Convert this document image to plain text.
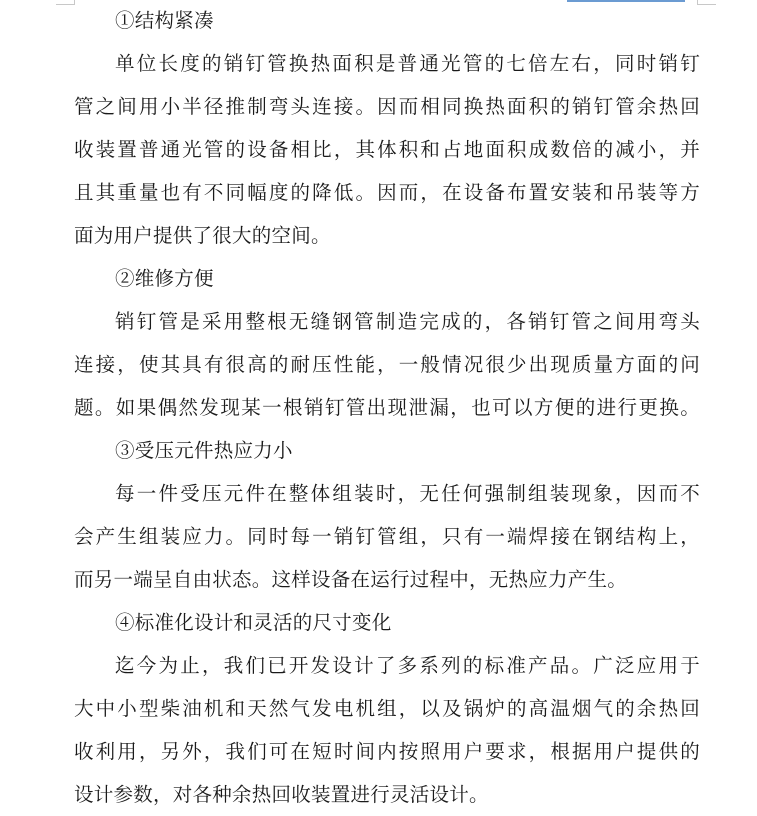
①结构紧凑
单位长度的销钉管换热面积是普通光管的七倍左右，同时销钉
管之间用小半径推制弯头连接。因而相同换热面积的销钉管余热回
收装置普通光管的设备相比，其体积和占地面积成数倍的减小，并
且其重量也有不同幅度的降低。因而，在设备布置安装和吊装等方
面为用户提供了很大的空间。
②维修方便
销钉管是采用整根无缝钢管制造完成的，各销钉管之间用弯头
连接，使其具有很高的耐压性能，一般情况很少出现质量方面的问
题。如果偶然发现某一根销钉管出现泄漏，也可以方便的进行更换。
③受压元件热应力小
每一件受压元件在整体组装时，无任何强制组装现象，因而不
会产生组装应力。同时每一销钉管组，只有一端焊接在钢结构上，
而另一端呈自由状态。这样设备在运行过程中，无热应力产生。
④标准化设计和灵活的尺寸变化
迄今为止，我们已开发设计了多系列的标准产品。广泛应用于
大中小型柴油机和天然气发电机组，以及锅炉的高温烟气的余热回
收利用，另外，我们可在短时间内按照用户要求，根据用户提供的
设计参数，对各种余热回收装置进行灵活设计。
